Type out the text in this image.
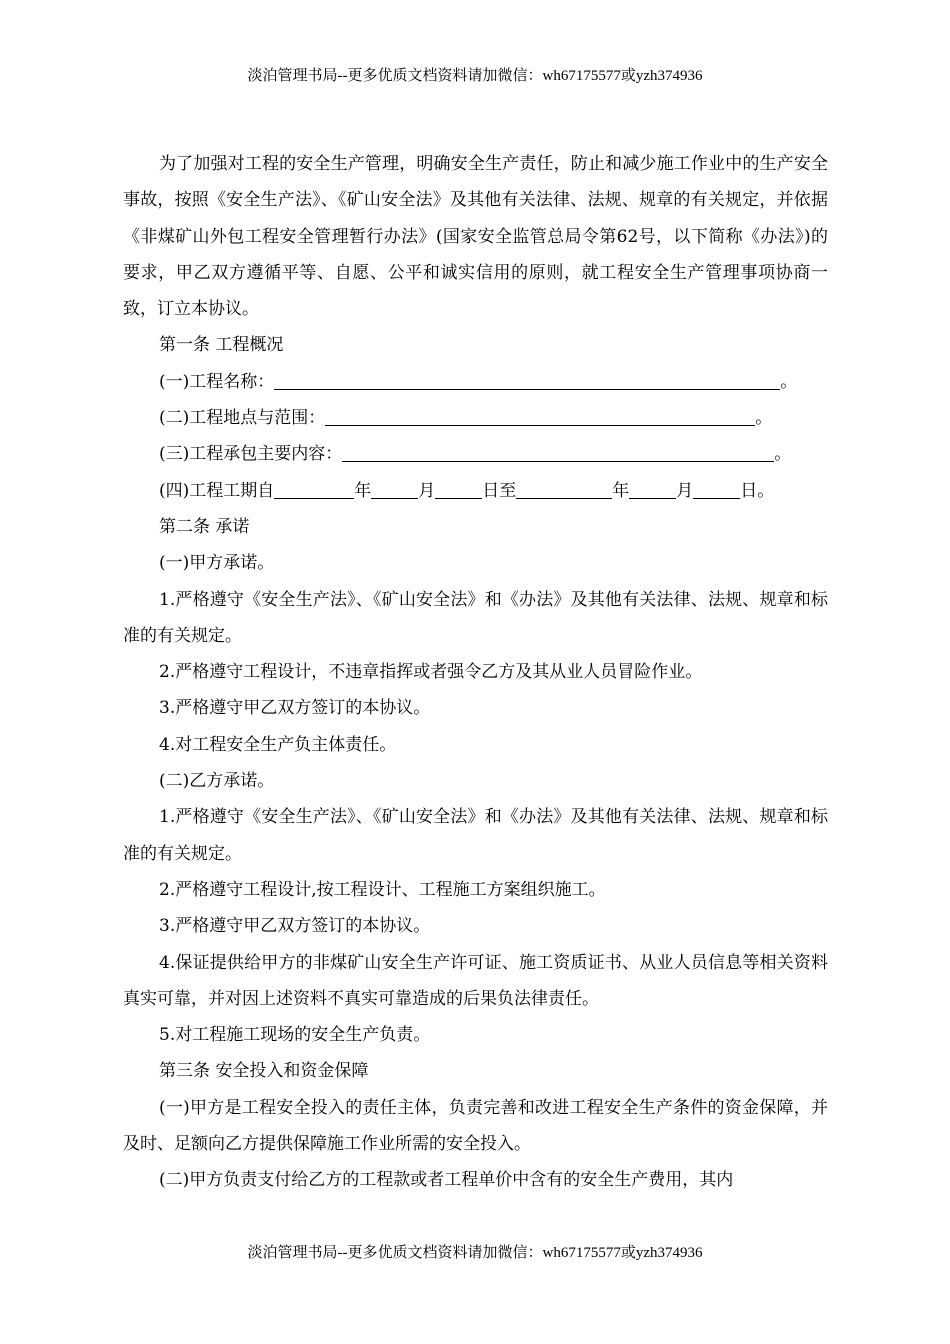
淡泊管理书局--更多优质文档资料请加微信：wh67175577或yzh374936

为了加强对工程的安全生产管理，明确安全生产责任，防止和减少施工作业中的生产安全事故，按照《安全生产法》、《矿山安全法》及其他有关法律、法规、规章的有关规定，并依据《非煤矿山外包工程安全管理暂行办法》(国家安全监管总局令第62号，以下简称《办法》)的要求，甲乙双方遵循平等、自愿、公平和诚实信用的原则，就工程安全生产管理事项协商一致，订立本协议。

第一条 工程概况

(一)工程名称：	。

(二)工程地点与范围：	。

(三)工程承包主要内容：	。

(四)工程工期自	年	月	日至	年	月	日。

第二条 承诺

(一)甲方承诺。

1.严格遵守《安全生产法》、《矿山安全法》和《办法》及其他有关法律、法规、规章和标准的有关规定。

2.严格遵守工程设计，不违章指挥或者强令乙方及其从业人员冒险作业。

3.严格遵守甲乙双方签订的本协议。

4.对工程安全生产负主体责任。

(二)乙方承诺。

1.严格遵守《安全生产法》、《矿山安全法》和《办法》及其他有关法律、法规、规章和标准的有关规定。

2.严格遵守工程设计,按工程设计、工程施工方案组织施工。

3.严格遵守甲乙双方签订的本协议。

4.保证提供给甲方的非煤矿山安全生产许可证、施工资质证书、从业人员信息等相关资料真实可靠，并对因上述资料不真实可靠造成的后果负法律责任。

5.对工程施工现场的安全生产负责。

第三条 安全投入和资金保障

(一)甲方是工程安全投入的责任主体，负责完善和改进工程安全生产条件的资金保障，并及时、足额向乙方提供保障施工作业所需的安全投入。

(二)甲方负责支付给乙方的工程款或者工程单价中含有的安全生产费用，其内

淡泊管理书局--更多优质文档资料请加微信：wh67175577或yzh374936
